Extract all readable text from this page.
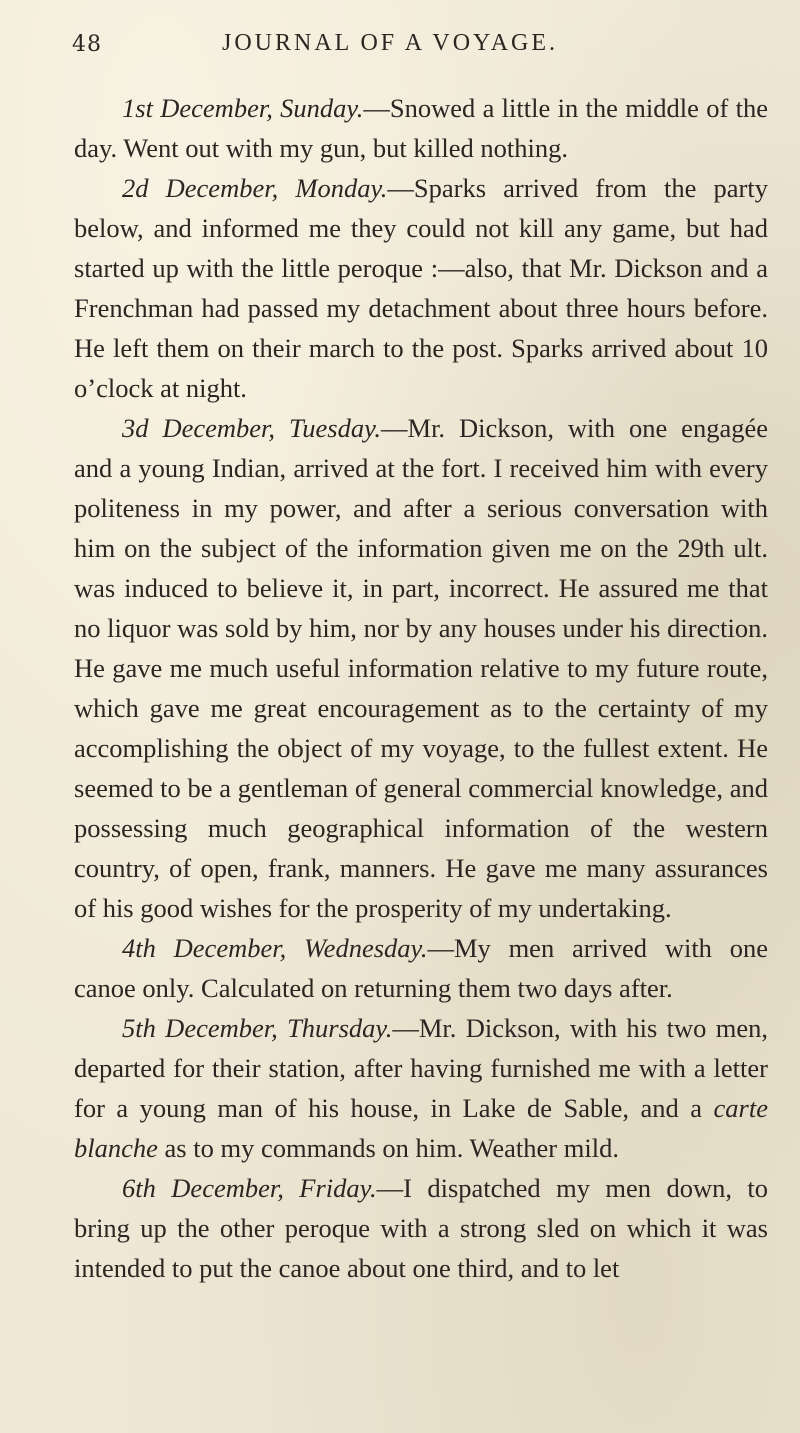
48	JOURNAL OF A VOYAGE.

1st December, Sunday.—Snowed a little in the middle of the day. Went out with my gun, but killed nothing.

2d December, Monday.—Sparks arrived from the party below, and informed me they could not kill any game, but had started up with the little peroque :—also, that Mr. Dickson and a Frenchman had passed my detachment about three hours before. He left them on their march to the post. Sparks arrived about 10 o’clock at night.

3d December, Tuesday.—Mr. Dickson, with one engagée and a young Indian, arrived at the fort. I received him with every politeness in my power, and after a serious conversation with him on the subject of the information given me on the 29th ult. was induced to believe it, in part, incorrect. He assured me that no liquor was sold by him, nor by any houses under his direction. He gave me much useful information relative to my future route, which gave me great encouragement as to the certainty of my accomplishing the object of my voyage, to the fullest extent. He seemed to be a gentleman of general commercial knowledge, and possessing much geographical information of the western country, of open, frank, manners. He gave me many assurances of his good wishes for the prosperity of my undertaking.

4th December, Wednesday.—My men arrived with one canoe only. Calculated on returning them two days after.

5th December, Thursday.—Mr. Dickson, with his two men, departed for their station, after having furnished me with a letter for a young man of his house, in Lake de Sable, and a carte blanche as to my commands on him. Weather mild.

6th December, Friday.—I dispatched my men down, to bring up the other peroque with a strong sled on which it was intended to put the canoe about one third, and to let
